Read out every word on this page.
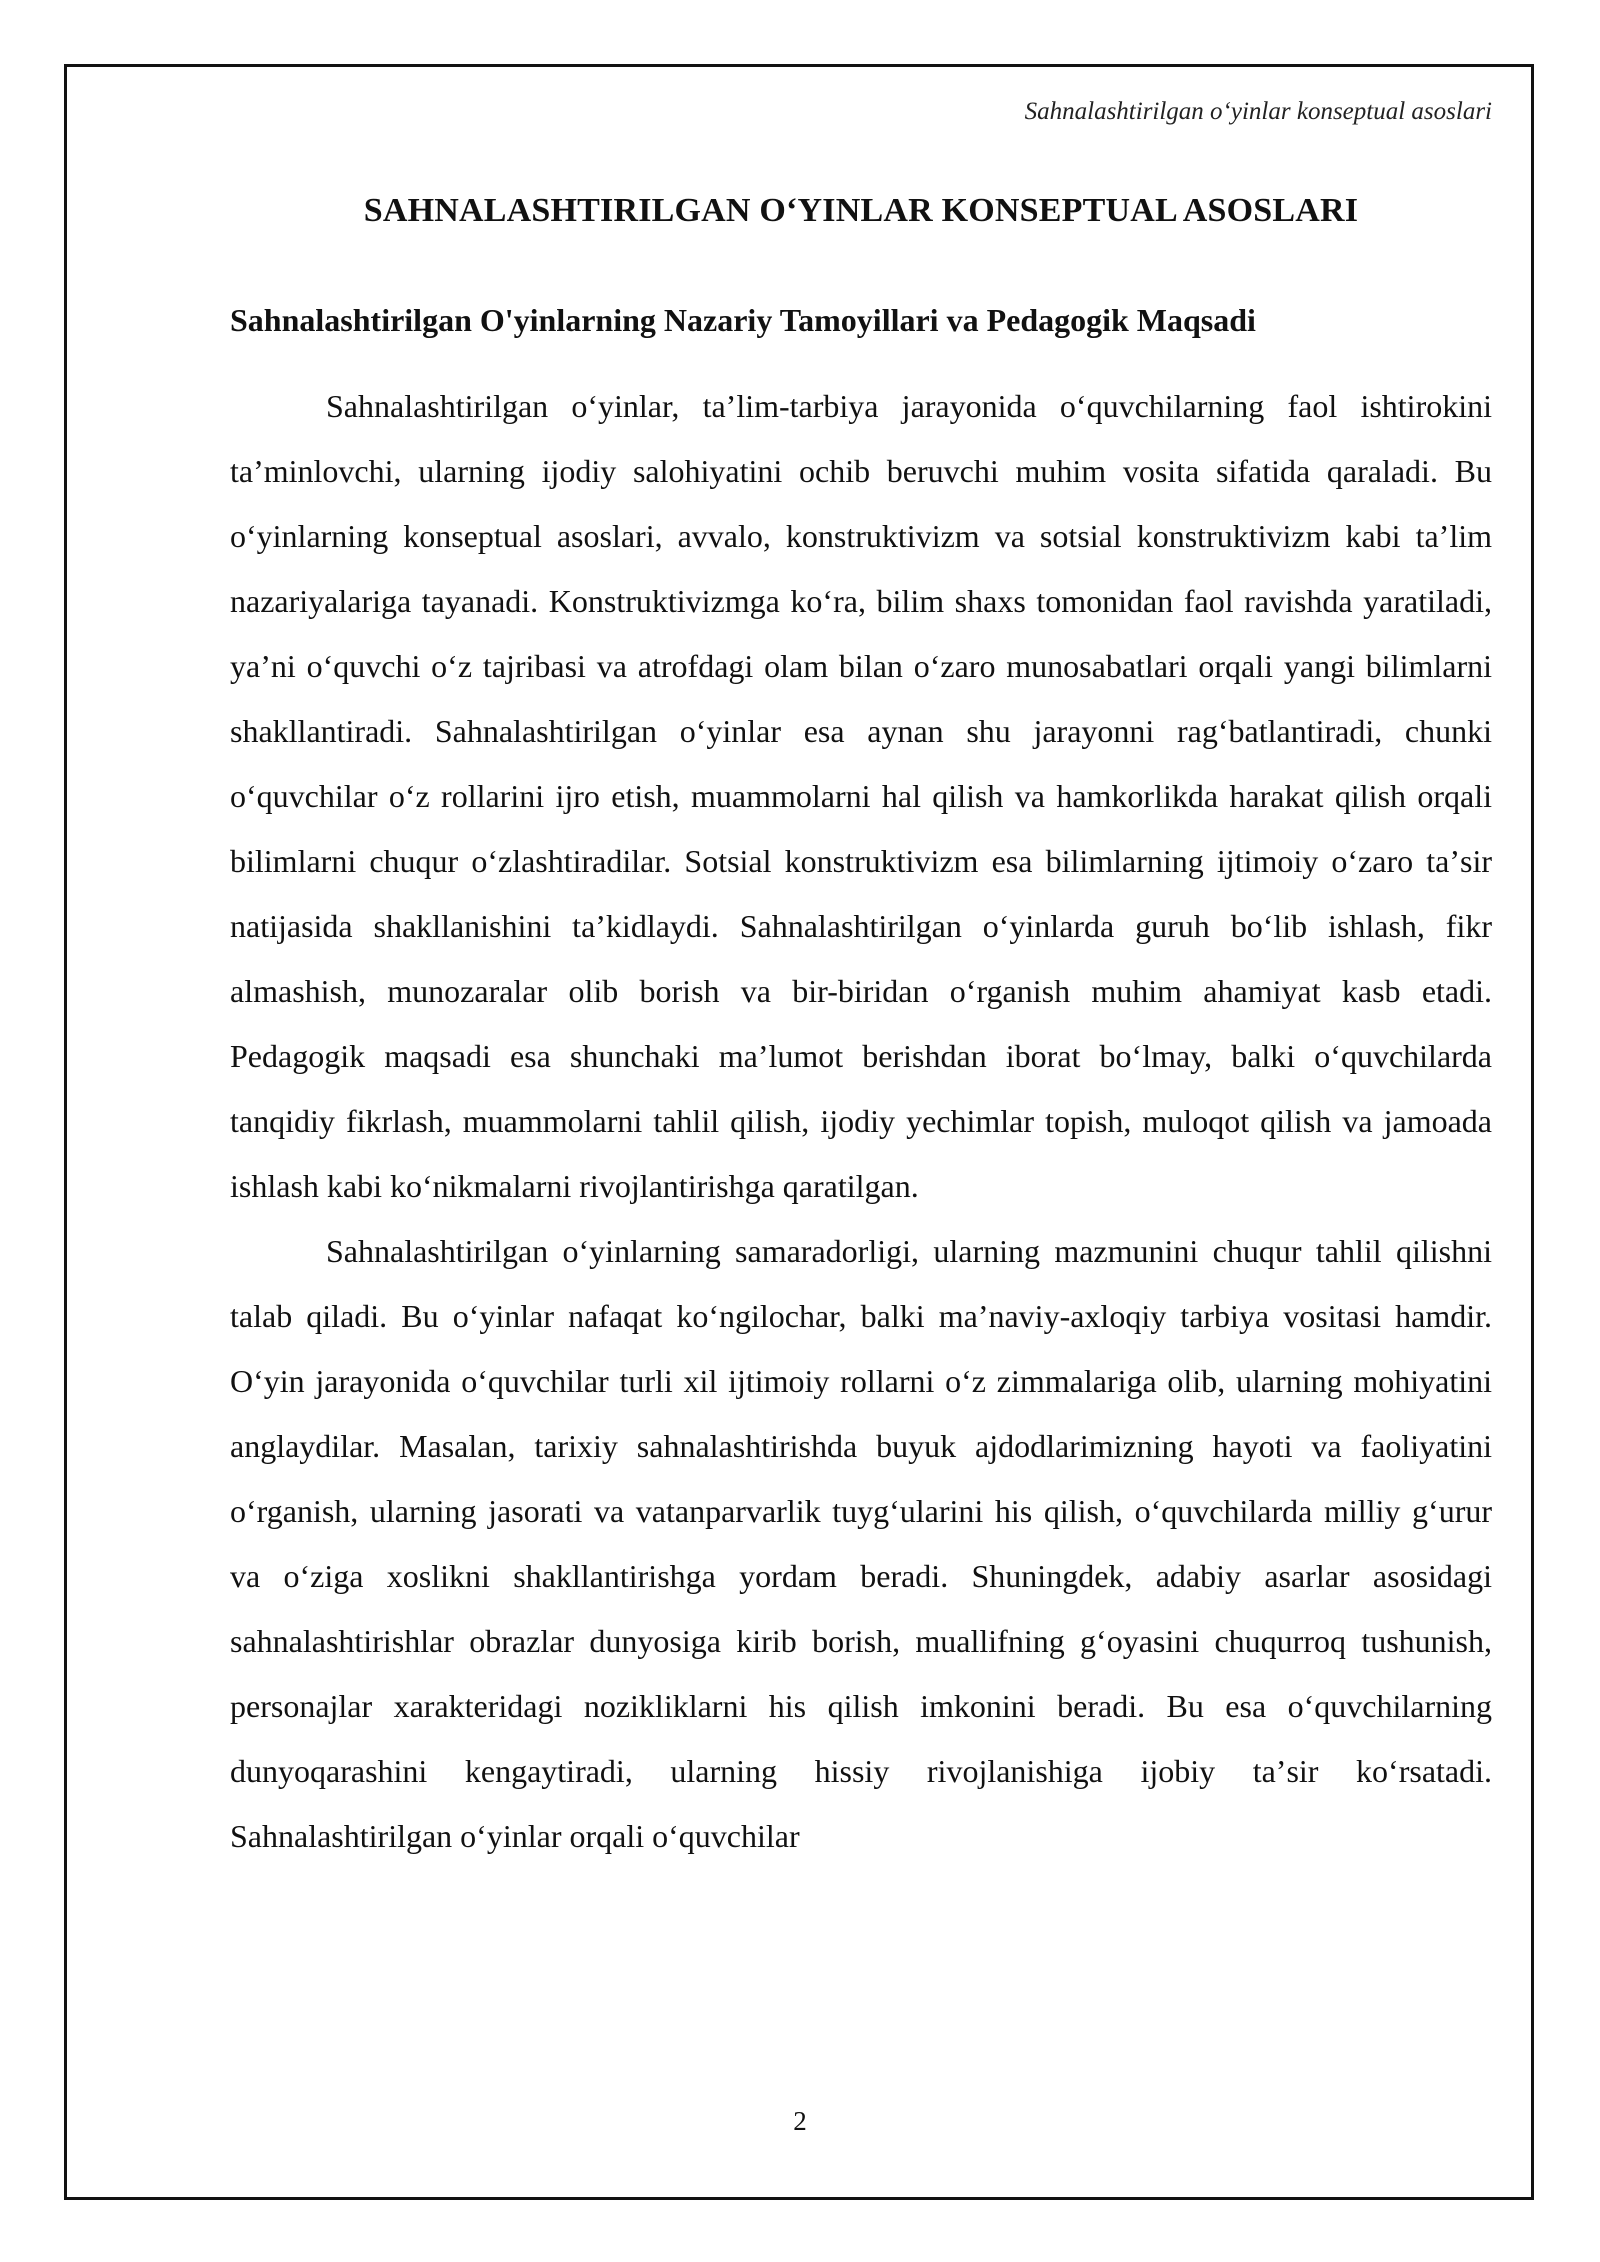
Sahnalashtirilgan oʻyinlar konseptual asoslari
SAHNALASHTIRILGAN OʻYINLAR KONSEPTUAL ASOSLARI
Sahnalashtirilgan O'yinlarning Nazariy Tamoyillari va Pedagogik Maqsadi

Sahnalashtirilgan oʻyinlar, taʼlim-tarbiya jarayonida oʻquvchilarning faol ishtirokini taʼminlovchi, ularning ijodiy salohiyatini ochib beruvchi muhim vosita sifatida qaraladi. Bu oʻyinlarning konseptual asoslari, avvalo, konstruktivizm va sotsial konstruktivizm kabi taʼlim nazariyalariga tayanadi. Konstruktivizmga koʻra, bilim shaxs tomonidan faol ravishda yaratiladi, yaʼni oʻquvchi oʻz tajribasi va atrofdagi olam bilan oʻzaro munosabatlari orqali yangi bilimlarni shakllantiradi. Sahnalashtirilgan oʻyinlar esa aynan shu jarayonni ragʻbatlantiradi, chunki oʻquvchilar oʻz rollarini ijro etish, muammolarni hal qilish va hamkorlikda harakat qilish orqali bilimlarni chuqur oʻzlashtiradilar. Sotsial konstruktivizm esa bilimlarning ijtimoiy oʻzaro taʼsir natijasida shakllanishini taʼkidlaydi. Sahnalashtirilgan oʻyinlarda guruh boʻlib ishlash, fikr almashish, munozaralar olib borish va bir-biridan oʻrganish muhim ahamiyat kasb etadi. Pedagogik maqsadi esa shunchaki maʼlumot berishdan iborat boʻlmay, balki oʻquvchilarda tanqidiy fikrlash, muammolarni tahlil qilish, ijodiy yechimlar topish, muloqot qilish va jamoada ishlash kabi koʻnikmalarni rivojlantirishga qaratilgan.

Sahnalashtirilgan oʻyinlarning samaradorligi, ularning mazmunini chuqur tahlil qilishni talab qiladi. Bu oʻyinlar nafaqat koʻngilochar, balki maʼnaviy-axloqiy tarbiya vositasi hamdir. Oʻyin jarayonida oʻquvchilar turli xil ijtimoiy rollarni oʻz zimmalariga olib, ularning mohiyatini anglaydilar. Masalan, tarixiy sahnalashtirishda buyuk ajdodlarimizning hayoti va faoliyatini oʻrganish, ularning jasorati va vatanparvarlik tuygʻularini his qilish, oʻquvchilarda milliy gʻurur va oʻziga xoslikni shakllantirishga yordam beradi. Shuningdek, adabiy asarlar asosidagi sahnalashtirishlar obrazlar dunyosiga kirib borish, muallifning gʻoyasini chuqurroq tushunish, personajlar xarakteridagi nozikliklarni his qilish imkonini beradi. Bu esa oʻquvchilarning dunyoqarashini kengaytiradi, ularning hissiy rivojlanishiga ijobiy taʼsir koʻrsatadi. Sahnalashtirilgan oʻyinlar orqali oʻquvchilar

2
